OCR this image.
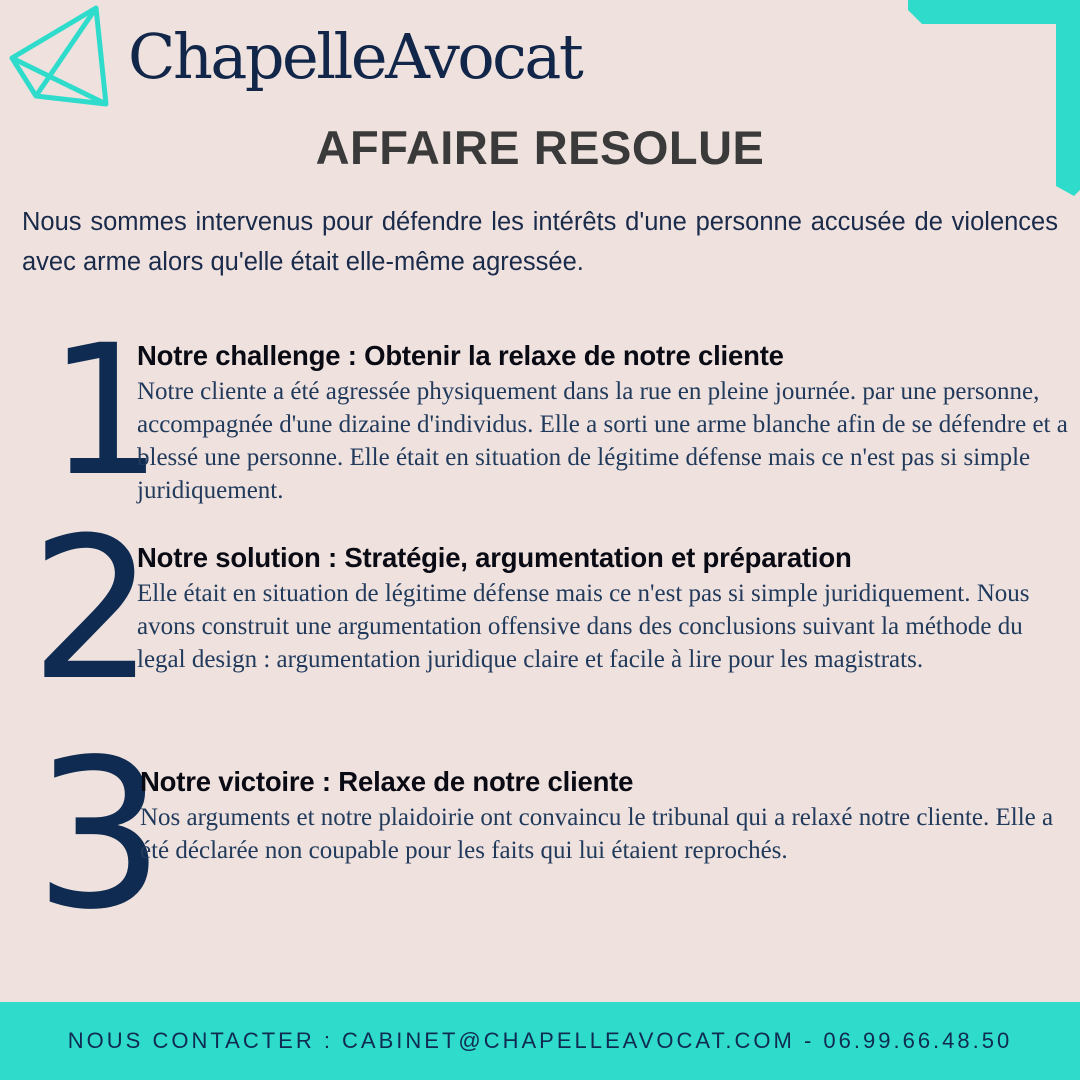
ChapelleAvocat
AFFAIRE RESOLUE

Nous sommes intervenus pour défendre les intérêts d'une personne accusée de violences avec arme alors qu'elle était elle-même agressée.

1
Notre challenge : Obtenir la relaxe de notre cliente

Notre cliente a été agressée physiquement dans la rue en pleine journée. par une personne, accompagnée d'une dizaine d'individus. Elle a sorti une arme blanche afin de se défendre et a blessé une personne. Elle était en situation de légitime défense mais ce n'est pas si simple juridiquement.

2
Notre solution : Stratégie, argumentation et préparation

Elle était en situation de légitime défense mais ce n'est pas si simple juridiquement. Nous avons construit une argumentation offensive dans des conclusions suivant la méthode du legal design : argumentation juridique claire et facile à lire pour les magistrats.

3
Notre victoire : Relaxe de notre cliente

Nos arguments et notre plaidoirie ont convaincu le tribunal qui a relaxé notre cliente. Elle a été déclarée non coupable pour les faits qui lui étaient reprochés.

NOUS CONTACTER : CABINET@CHAPELLEAVOCAT.COM - 06.99.66.48.50
